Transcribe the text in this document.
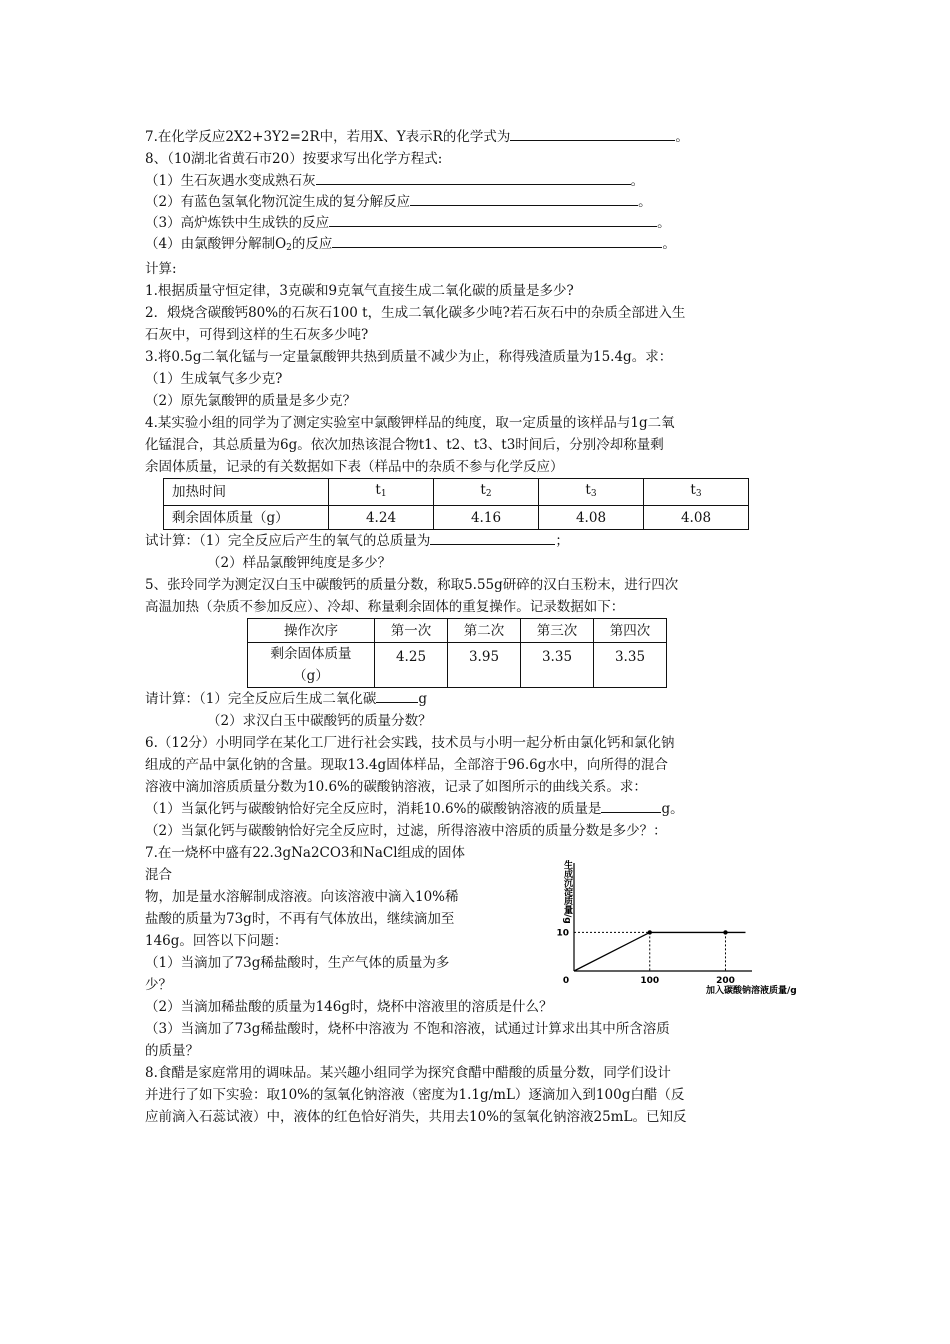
7.在化学反应2X2+3Y2=2R中，若用X、Y表示R的化学式为	。
8、（10湖北省黄石市20）按要求写出化学方程式:
（1）生石灰遇水变成熟石灰	。
（2）有蓝色氢氧化物沉淀生成的复分解反应	。
（3）高炉炼铁中生成铁的反应	。
（4）由氯酸钾分解制$O_2$的反应	。
计算:
1.根据质量守恒定律，3克碳和9克氧气直接生成二氧化碳的质量是多少?
2．煅烧含碳酸钙80%的石灰石100 t，生成二氧化碳多少吨?若石灰石中的杂质全部进入生
石灰中，可得到这样的生石灰多少吨?
3.将0.5g二氧化锰与一定量氯酸钾共热到质量不减少为止，称得残渣质量为15.4g。求：
（1）生成氧气多少克?
（2）原先氯酸钾的质量是多少克？
4.某实验小组的同学为了测定实验室中氯酸钾样品的纯度，取一定质量的该样品与1g二氧
化锰混合，其总质量为6g。依次加热该混合物t1、t2、t3、t3时间后，分别冷却称量剩
余固体质量，记录的有关数据如下表（样品中的杂质不参与化学反应）
加热时间	$t_1$	$t_2$	$t_3$	$t_3$
剩余固体质量（g）	4.24	4.16	4.08	4.08
试计算：（1）完全反应后产生的氧气的总质量为	；
（2）样品氯酸钾纯度是多少？
5、张玲同学为测定汉白玉中碳酸钙的质量分数，称取5.55g研碎的汉白玉粉末，进行四次
高温加热（杂质不参加反应）、冷却、称量剩余固体的重复操作。记录数据如下：
操作次序	第一次	第二次	第三次	第四次
剩余固体质量
（g）	4.25	3.95	3.35	3.35
请计算：（1）完全反应后生成二氧化碳	g
（2）求汉白玉中碳酸钙的质量分数？
6.（12分）小明同学在某化工厂进行社会实践，技术员与小明一起分析由氯化钙和氯化钠
组成的产品中氯化钠的含量。现取13.4g固体样品，全部溶于96.6g水中，向所得的混合
溶液中滴加溶质质量分数为10.6%的碳酸钠溶液，记录了如图所示的曲线关系。求：
（1）当氯化钙与碳酸钠恰好完全反应时，消耗10.6%的碳酸钠溶液的质量是	g。
（2）当氯化钙与碳酸钠恰好完全反应时，过滤，所得溶液中溶质的质量分数是多少？：
7.在一烧杯中盛有22.3gNa2CO3和NaCl组成的固体
混合
物，加是量水溶解制成溶液。向该溶液中滴入10%稀
盐酸的质量为73g时，不再有气体放出，继续滴加至
146g。回答以下问题：
（1）当滴加了73g稀盐酸时，生产气体的质量为多
少？	0	100	200
10
生成沉淀质量/g
加入碳酸钠溶液质量/g
（2）当滴加稀盐酸的质量为146g时，烧杯中溶液里的溶质是什么？
（3）当滴加了73g稀盐酸时，烧杯中溶液为 不饱和溶液，试通过计算求出其中所含溶质
的质量？
8.食醋是家庭常用的调味品。某兴趣小组同学为探究食醋中醋酸的质量分数，同学们设计
并进行了如下实验：取10%的氢氧化钠溶液（密度为1.1g/mL）逐滴加入到100g白醋（反
应前滴入石蕊试液）中，液体的红色恰好消失，共用去10%的氢氧化钠溶液25mL。已知反
